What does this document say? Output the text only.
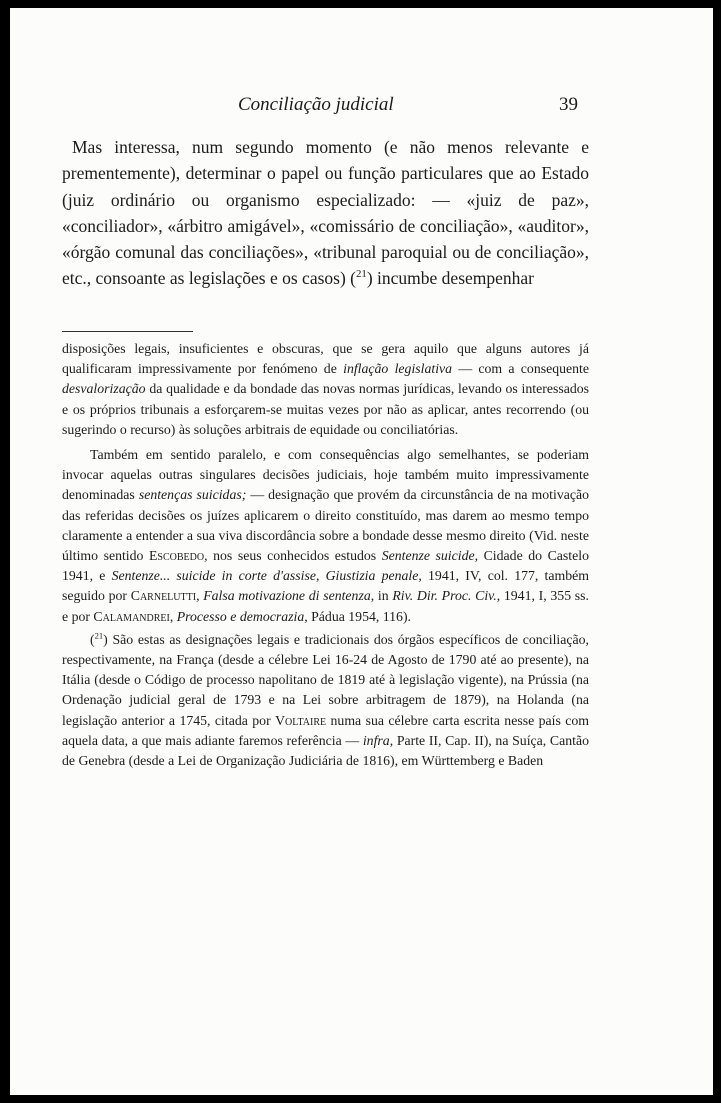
Conciliação judicial	39

Mas interessa, num segundo momento (e não menos relevante e prementemente), determinar o papel ou função particulares que ao Estado (juiz ordinário ou organismo especializado: — «juiz de paz», «conciliador», «árbitro amigável», «comissário de conciliação», «auditor», «órgão comunal das conciliações», «tribunal paroquial ou de conciliação», etc., consoante as legislações e os casos) ($^{21}$) incumbe desempenhar

disposições legais, insuficientes e obscuras, que se gera aquilo que alguns autores já qualificaram impressivamente por fenómeno de inflação legislativa — com a consequente desvalorização da qualidade e da bondade das novas normas jurídicas, levando os interessados e os próprios tribunais a esforçarem-se muitas vezes por não as aplicar, antes recorrendo (ou sugerindo o recurso) às soluções arbitrais de equidade ou conciliatórias.

Também em sentido paralelo, e com consequências algo semelhantes, se poderiam invocar aquelas outras singulares decisões judiciais, hoje também muito impressivamente denominadas sentenças suicidas; — designação que provém da circunstância de na motivação das referidas decisões os juízes aplicarem o direito constituído, mas darem ao mesmo tempo claramente a entender a sua viva discordância sobre a bondade desse mesmo direito (Vid. neste último sentido Escobedo, nos seus conhecidos estudos Sentenze suicide, Cidade do Castelo 1941, e Sentenze... suicide in corte d'assise, Giustizia penale, 1941, IV, col. 177, também seguido por Carnelutti, Falsa motivazione di sentenza, in Riv. Dir. Proc. Civ., 1941, I, 355 ss. e por Calamandrei, Processo e democrazia, Pádua 1954, 116).

($^{21}$) São estas as designações legais e tradicionais dos órgãos específicos de conciliação, respectivamente, na França (desde a célebre Lei 16-24 de Agosto de 1790 até ao presente), na Itália (desde o Código de processo napolitano de 1819 até à legislação vigente), na Prússia (na Ordenação judicial geral de 1793 e na Lei sobre arbitragem de 1879), na Holanda (na legislação anterior a 1745, citada por Voltaire numa sua célebre carta escrita nesse país com aquela data, a que mais adiante faremos referência — infra, Parte II, Cap. II), na Suíça, Cantão de Genebra (desde a Lei de Organização Judiciária de 1816), em Württemberg e Baden
